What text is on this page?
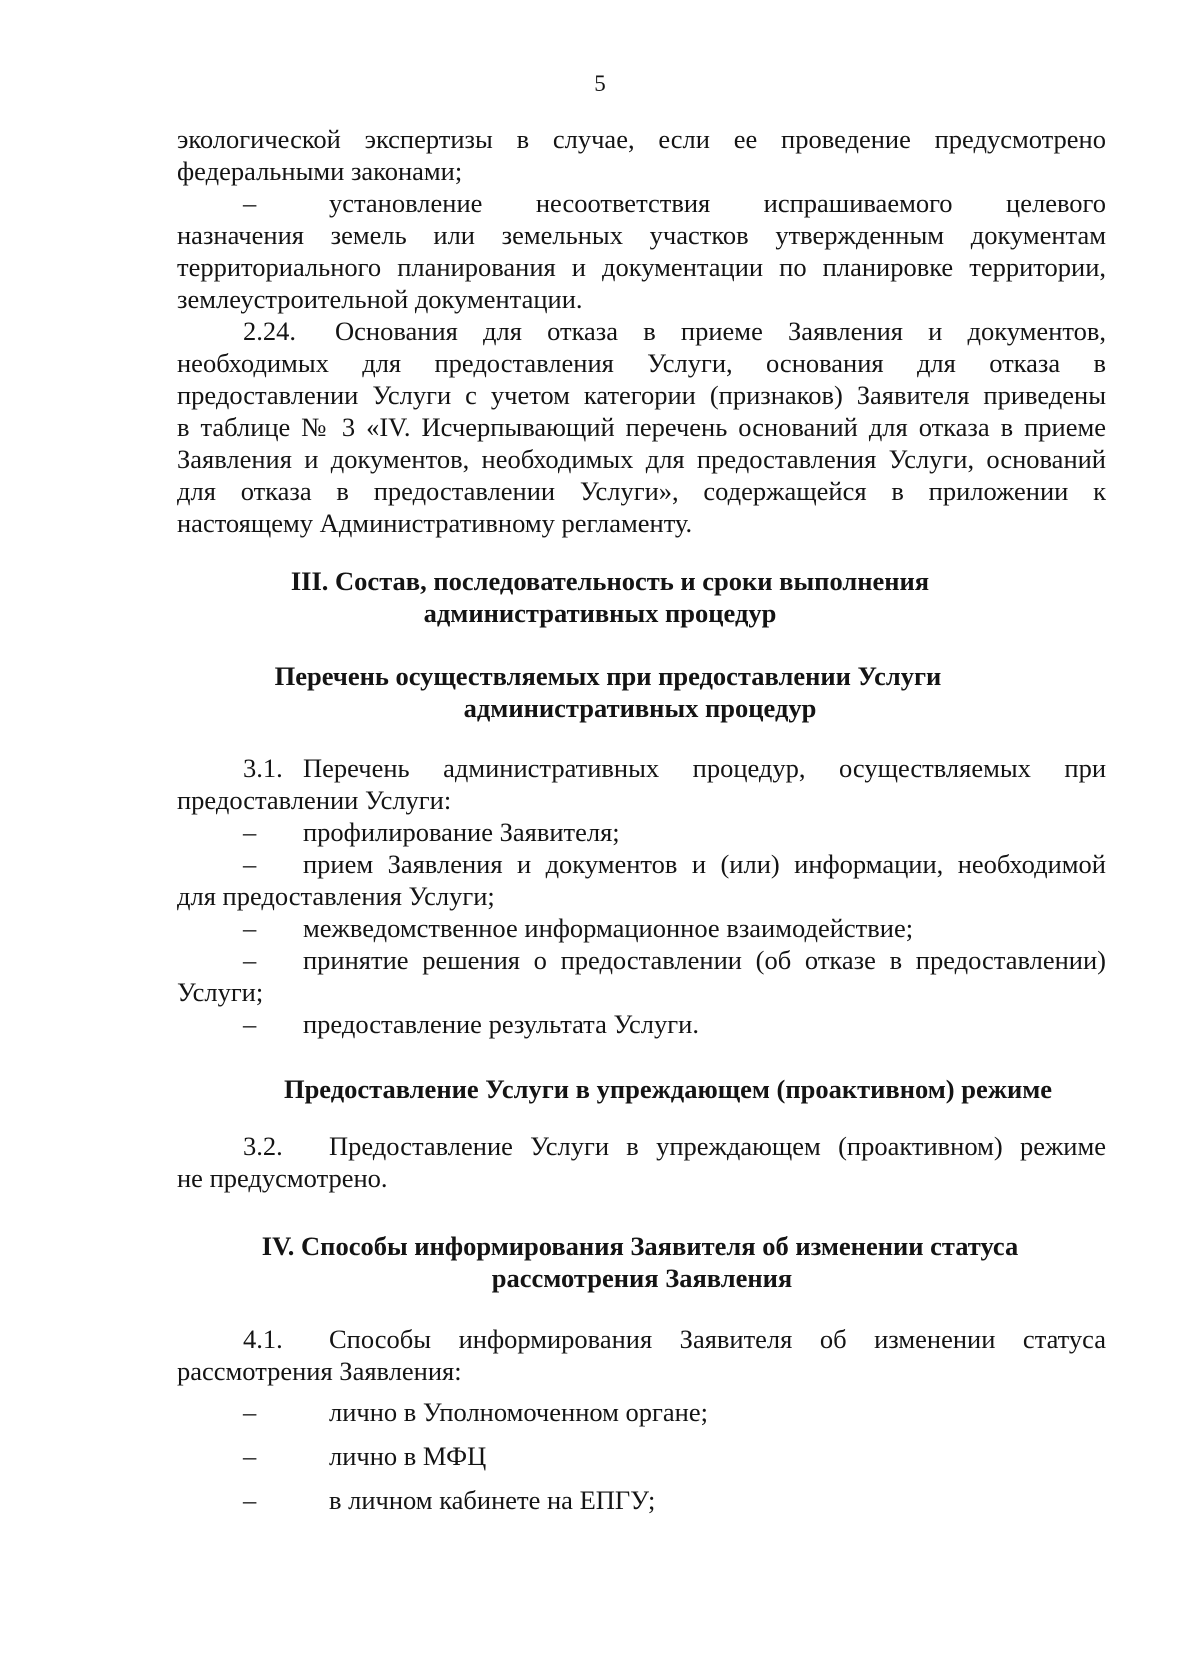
5
экологической экспертизы в случае, если ее проведение предусмотрено
федеральными законами;
–	установление несоответствия испрашиваемого целевого
назначения земель или земельных участков утвержденным документам
территориального планирования и документации по планировке территории,
землеустроительной документации.
2.24. Основания для отказа в приеме Заявления и документов,
необходимых для предоставления Услуги, основания для отказа в
предоставлении Услуги с учетом категории (признаков) Заявителя приведены
в таблице № 3 «IV. Исчерпывающий перечень оснований для отказа в приеме
Заявления и документов, необходимых для предоставления Услуги, оснований
для отказа в предоставлении Услуги», содержащейся в приложении к
настоящему Административному регламенту.
III. Состав, последовательность и сроки выполнения
административных процедур
Перечень осуществляемых при предоставлении Услуги
административных процедур
3.1. Перечень административных процедур, осуществляемых при
предоставлении Услуги:
– профилирование Заявителя;
– прием Заявления и документов и (или) информации, необходимой
для предоставления Услуги;
– межведомственное информационное взаимодействие;
– принятие решения о предоставлении (об отказе в предоставлении)
Услуги;
– предоставление результата Услуги.
Предоставление Услуги в упреждающем (проактивном) режиме
3.2. Предоставление Услуги в упреждающем (проактивном) режиме
не предусмотрено.
IV. Способы информирования Заявителя об изменении статуса
рассмотрения Заявления
4.1. Способы информирования Заявителя об изменении статуса
рассмотрения Заявления:
–	лично в Уполномоченном органе;
–	лично в МФЦ
–	в личном кабинете на ЕПГУ;
